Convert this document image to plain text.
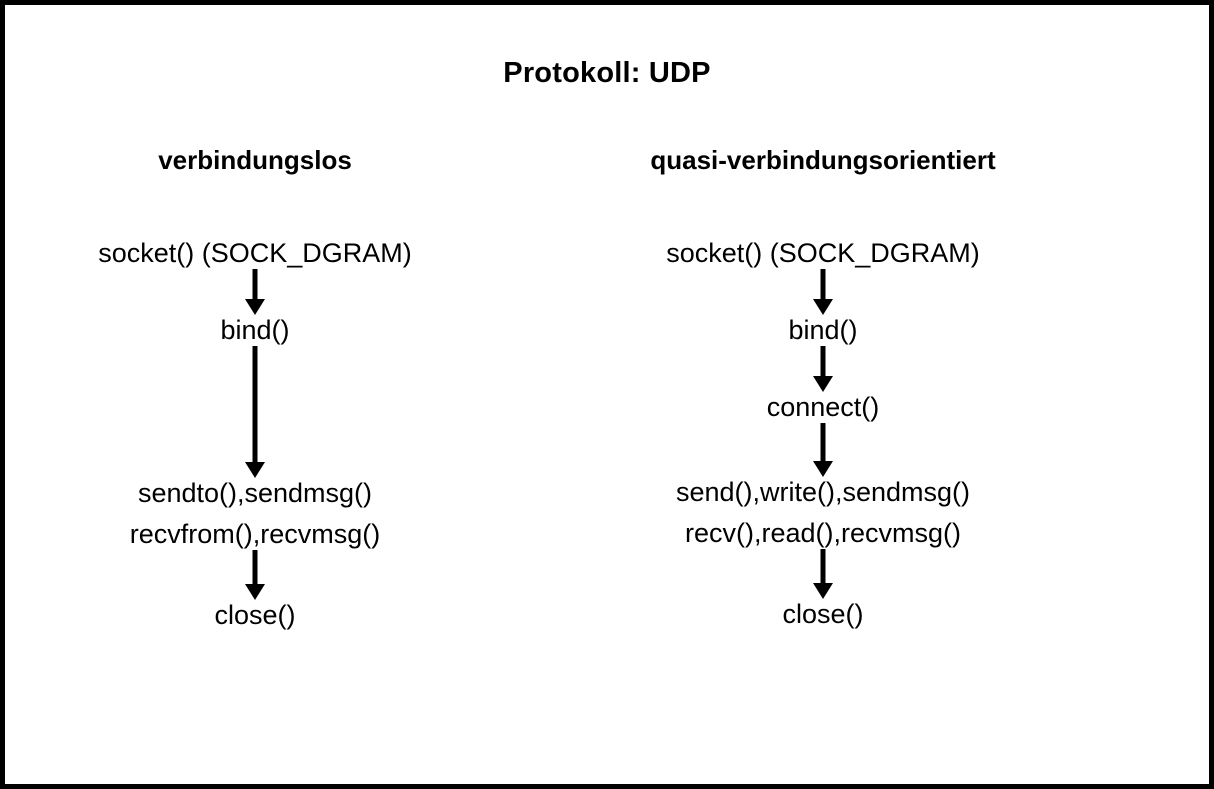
Protokoll: UDP
verbindungslos
socket() (SOCK_DGRAM)
bind()
sendto(),sendmsg()
recvfrom(),recvmsg()
close()
quasi-verbindungsorientiert
socket() (SOCK_DGRAM)
bind()
connect()
send(),write(),sendmsg()
recv(),read(),recvmsg()
close()
